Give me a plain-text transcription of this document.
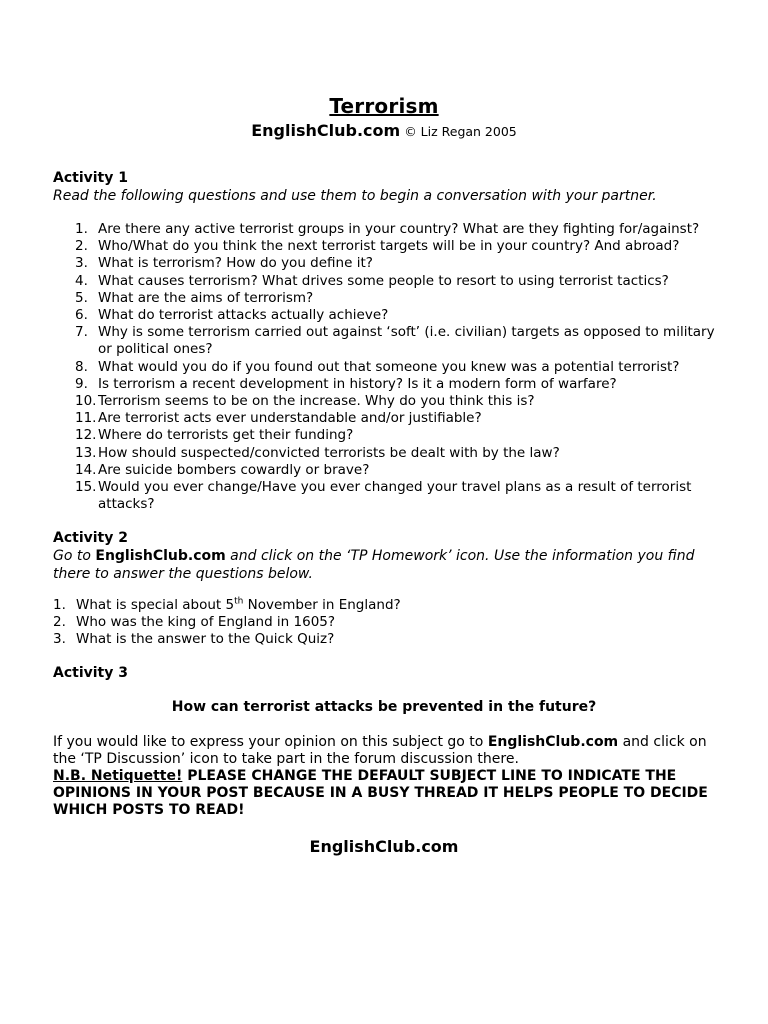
Terrorism
EnglishClub.com © Liz Regan 2005
Activity 1
Read the following questions and use them to begin a conversation with your partner.
1. Are there any active terrorist groups in your country? What are they fighting for/against?
2. Who/What do you think the next terrorist targets will be in your country? And abroad?
3. What is terrorism? How do you define it?
4. What causes terrorism? What drives some people to resort to using terrorist tactics?
5. What are the aims of terrorism?
6. What do terrorist attacks actually achieve?
7. Why is some terrorism carried out against ‘soft’ (i.e. civilian) targets as opposed to military or political ones?
8. What would you do if you found out that someone you knew was a potential terrorist?
9. Is terrorism a recent development in history? Is it a modern form of warfare?
10. Terrorism seems to be on the increase. Why do you think this is?
11. Are terrorist acts ever understandable and/or justifiable?
12. Where do terrorists get their funding?
13. How should suspected/convicted terrorists be dealt with by the law?
14. Are suicide bombers cowardly or brave?
15. Would you ever change/Have you ever changed your travel plans as a result of terrorist attacks?
Activity 2
Go to EnglishClub.com and click on the ‘TP Homework’ icon. Use the information you find there to answer the questions below.
1. What is special about 5th November in England?
2. Who was the king of England in 1605?
3. What is the answer to the Quick Quiz?
Activity 3
How can terrorist attacks be prevented in the future?
If you would like to express your opinion on this subject go to EnglishClub.com and click on the ‘TP Discussion’ icon to take part in the forum discussion there.
N.B. Netiquette! PLEASE CHANGE THE DEFAULT SUBJECT LINE TO INDICATE THE OPINIONS IN YOUR POST BECAUSE IN A BUSY THREAD IT HELPS PEOPLE TO DECIDE WHICH POSTS TO READ!
EnglishClub.com
